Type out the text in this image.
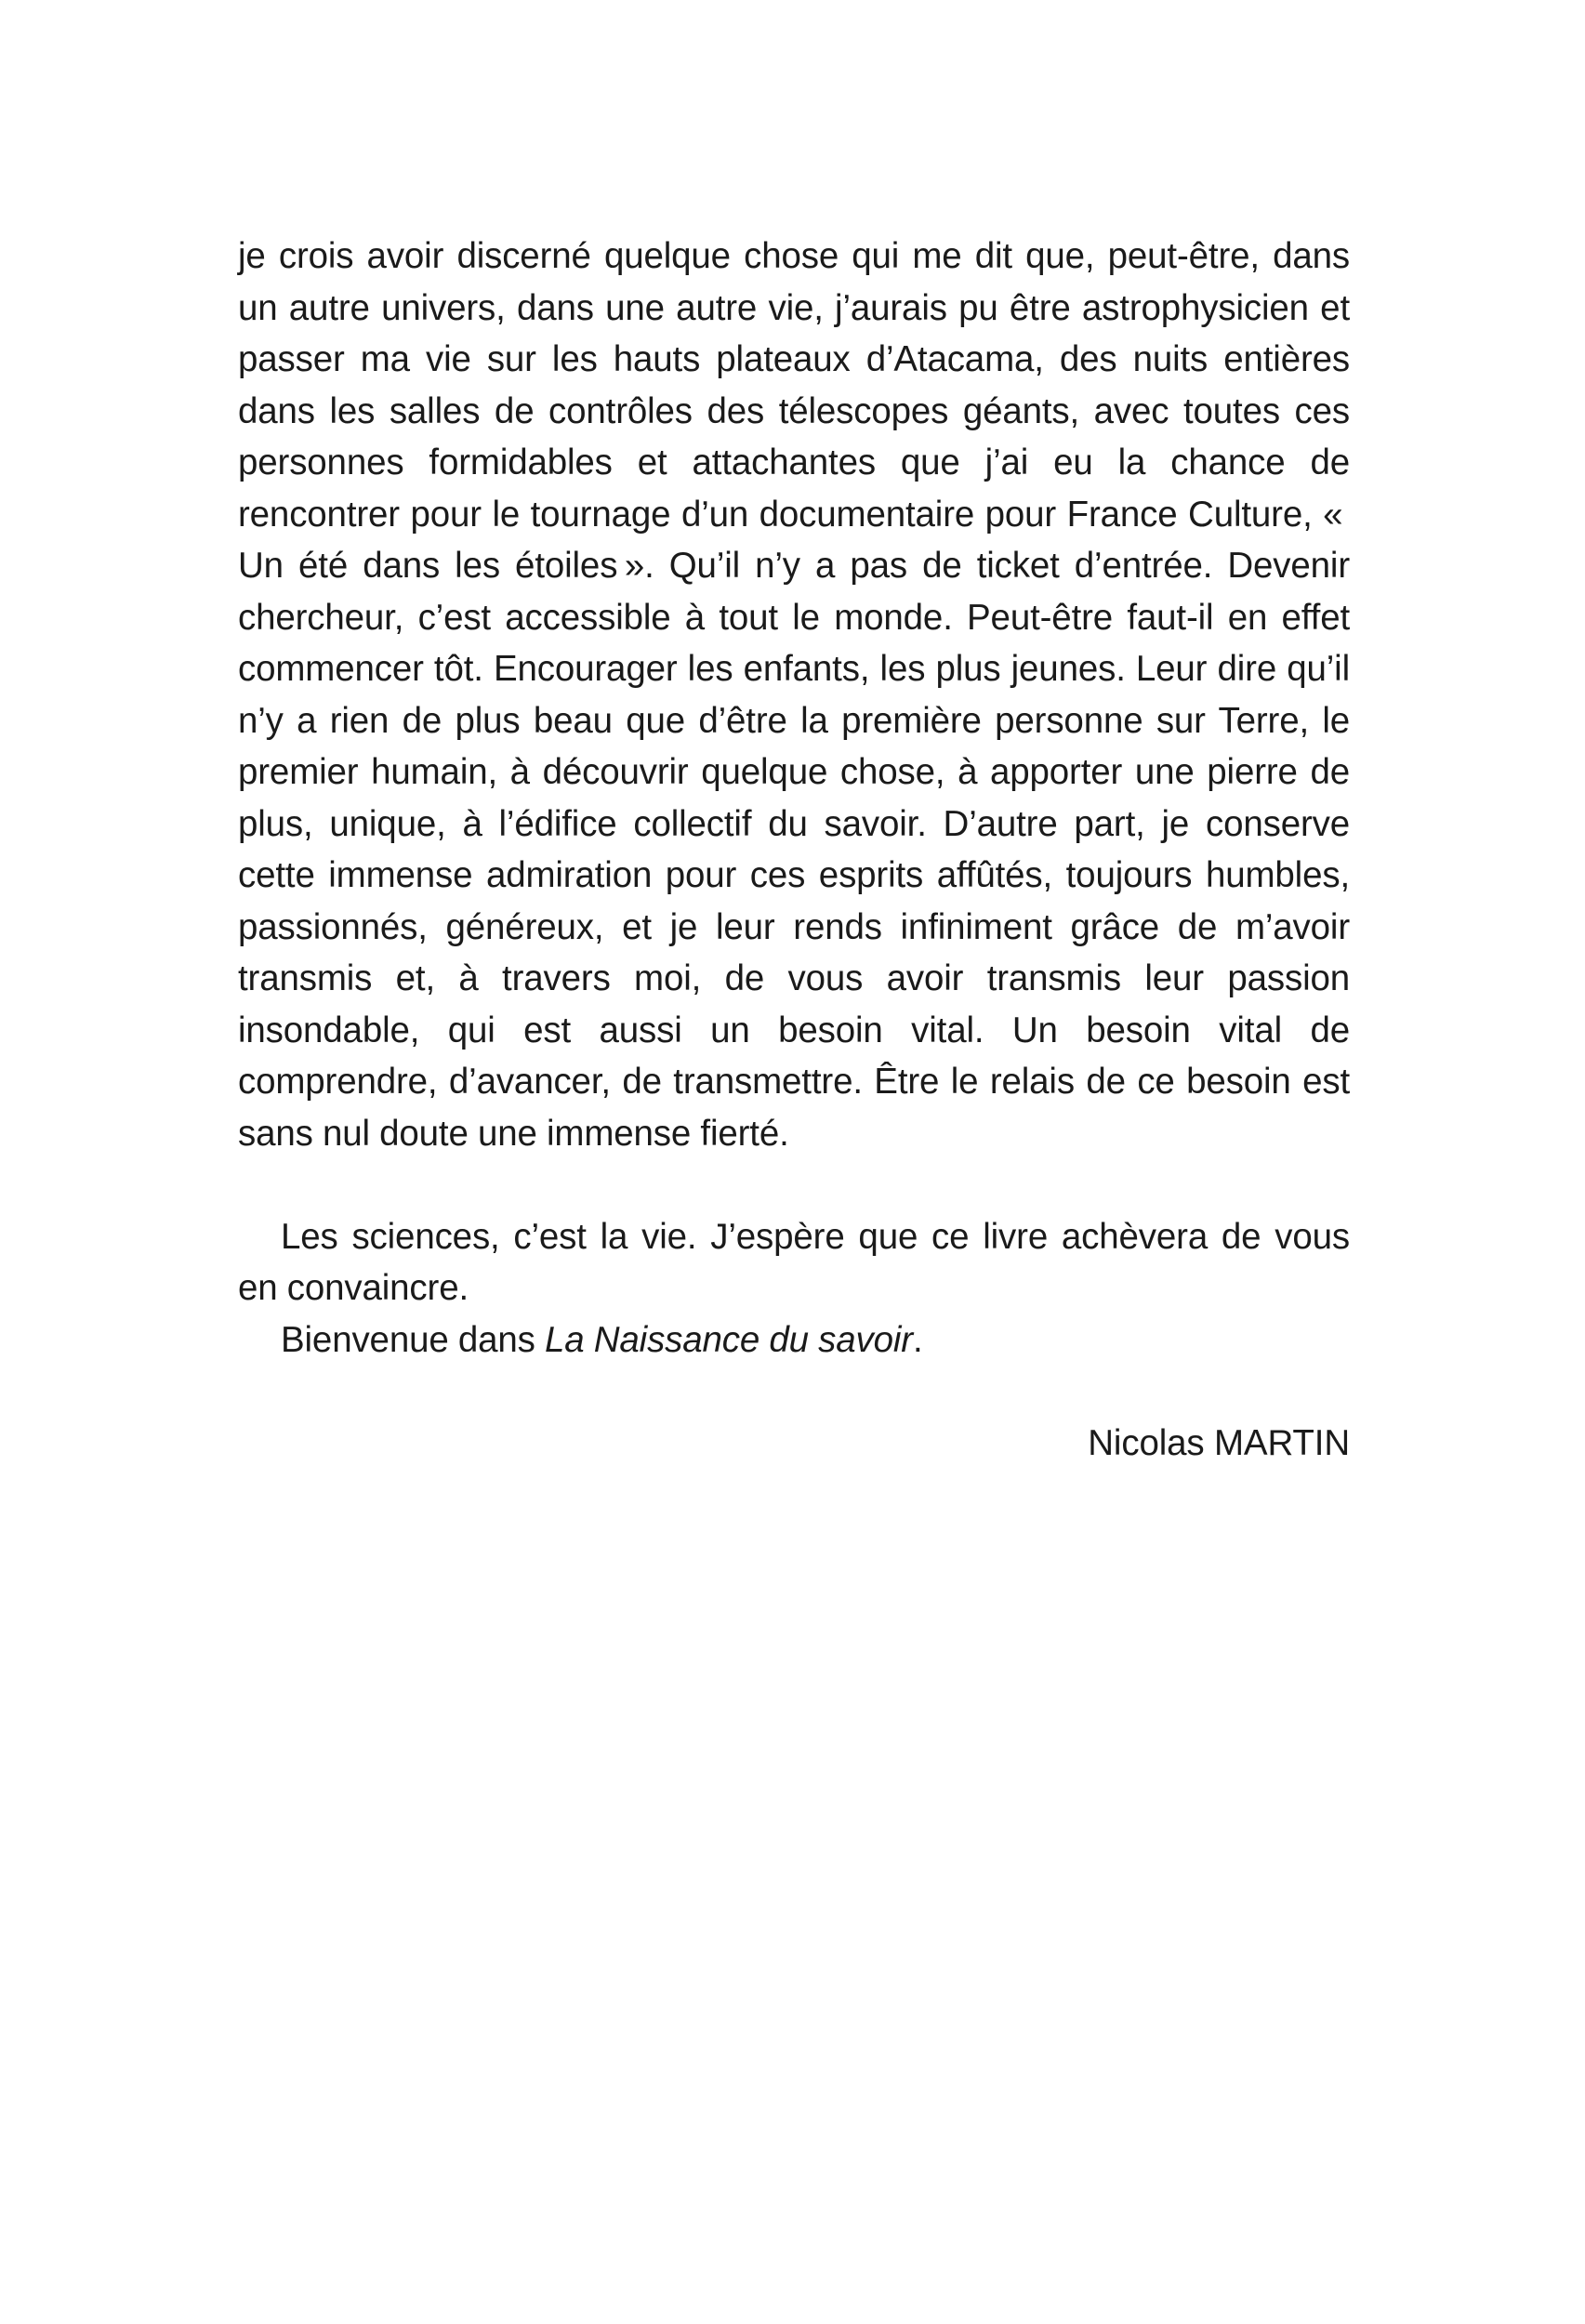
je crois avoir discerné quelque chose qui me dit que, peut-être, dans un autre univers, dans une autre vie, j’aurais pu être astrophysicien et passer ma vie sur les hauts plateaux d’Atacama, des nuits entières dans les salles de contrôles des télescopes géants, avec toutes ces personnes formidables et attachantes que j’ai eu la chance de rencontrer pour le tournage d’un documentaire pour France Culture, « Un été dans les étoiles ». Qu’il n’y a pas de ticket d’entrée. Devenir chercheur, c’est accessible à tout le monde. Peut-être faut-il en effet commencer tôt. Encourager les enfants, les plus jeunes. Leur dire qu’il n’y a rien de plus beau que d’être la première personne sur Terre, le premier humain, à découvrir quelque chose, à apporter une pierre de plus, unique, à l’édifice collectif du savoir. D’autre part, je conserve cette immense admiration pour ces esprits affûtés, toujours humbles, passionnés, généreux, et je leur rends infiniment grâce de m’avoir transmis et, à travers moi, de vous avoir transmis leur passion insondable, qui est aussi un besoin vital. Un besoin vital de comprendre, d’avancer, de transmettre. Être le relais de ce besoin est sans nul doute une immense fierté.

Les sciences, c’est la vie. J’espère que ce livre achèvera de vous en convaincre.

Bienvenue dans La Naissance du savoir.

Nicolas MARTIN
